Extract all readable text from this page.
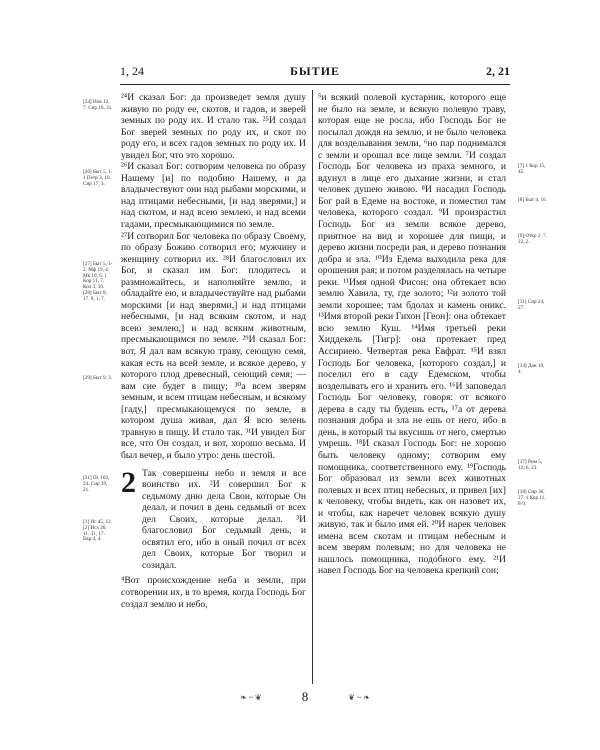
1, 24	БЫТИЕ	2, 21
[24] Иов 12, 7. Сир 16, 31.
[26] Быт 5, 1. 1 Петр 3, 10. Сир 17, 3.
[27] Быт 5, 1-2. Мф 19, 4. Мк 10, 6. 1 Кор 11, 7. Кол 3, 10. [28] Быт 8, 17. 9, 1, 7.
[29] Быт 9, 3.
[31] Пс 103, 24. Сир 39, 21.
[1] Ис 45, 12. [2] Исх 20, 11. 31, 17. Евр 4, 4.
[7] 1 Кор 15, 45.
[8] Быт 4, 16.
[9] Откр 2, 7. 22, 2.
[11] Сир 24, 27.
[14] Дан 10, 4.
[17] Рим 5, 12; 6, 23.
[18] Сир 36, 27. 1 Кор 11, 8-9.

²⁴И сказал Бог: да произведет земля душу живую по роду ее, скотов, и гадов, и зверей земных по роду их. И стало так. ²⁵И создал Бог зверей земных по роду их, и скот по роду его, и всех гадов земных по роду их. И увидел Бог, что это хорошо.

²⁶И сказал Бог: сотворим человека по образу Нашему [и] по подобию Нашему, и да владычествуют они над рыбами морскими, и над птицами небесными, [и над зверями,] и над скотом, и над всею землею, и над всеми гадами, пресмыкающимися по земле.

²⁷И сотворил Бог человека по образу Своему, по образу Божию сотворил его; мужчину и женщину сотворил их. ²⁸И благословил их Бог, и сказал им Бог: плодитесь и размножайтесь, и наполняйте землю, и обладайте ею, и владычествуйте над рыбами морскими [и над зверями,] и над птицами небесными, [и над всяким скотом, и над всею землею,] и над всяким животным, пресмыкающимся по земле. ²⁹И сказал Бог: вот, Я дал вам всякую траву, сеющую семя, какая есть на всей земле, и всякое дерево, у которого плод древесный, сеющий семя; — вам сие будет в пищу; ³⁰а всем зверям земным, и всем птицам небесным, и всякому [гаду,] пресмыкающемуся по земле, в котором душа живая, дал Я всю зелень травную в пищу. И стало так. ³¹И увидел Бог все, что Он создал, и вот, хорошо весьма. И был вечер, и было утро: день шестой.

2 Так совершены небо и земля и все воинство их. ²И совершил Бог к седьмому дню дела Свои, которые Он делал, и почил в день седьмый от всех дел Своих, которые делал. ³И благословил Бог седьмый день, и освятил его, ибо в оный почил от всех дел Своих, которые Бог творил и созидал.

⁴Вот происхождение неба и земли, при сотворении их, в то время, когда Господь Бог создал землю и небо,

⁵и всякий полевой кустарник, которого еще не было на земле, и всякую полевую траву, которая еще не росла, ибо Господь Бог не посылал дождя на землю, и не было человека для возделывания земли, ⁶но пар поднимался с земли и орошал все лице земли. ⁷И создал Господь Бог человека из праха земного, и вдунул в лице его дыхание жизни, и стал человек душею живою. ⁸И насадил Господь Бог рай в Едеме на востоке, и поместил там человека, которого создал. ⁹И произрастил Господь Бог из земли всякое дерево, приятное на вид и хорошее для пищи, и дерево жизни посреди рая, и дерево познания добра и зла. ¹⁰Из Едема выходила река для орошения рая; и потом разделялась на четыре реки. ¹¹Имя одной Фисон: она обтекает всю землю Хавила, ту, где золото; ¹²и золото той земли хорошее; там бдолах и камень оникс. ¹³Имя второй реки Гихон [Геон]: она обтекает всю землю Куш. ¹⁴Имя третьей реки Хиддекель [Тигр]: она протекает пред Ассириею. Четвертая река Евфрат. ¹⁵И взял Господь Бог человека, [которого создал,] и поселил его в саду Едемском, чтобы возделывать его и хранить его. ¹⁶И заповедал Господь Бог человеку, говоря: от всякого дерева в саду ты будешь есть, ¹⁷а от дерева познания добра и зла не ешь от него, ибо в день, в который ты вкусишь от него, смертью умрешь. ¹⁸И сказал Господь Бог: не хорошо быть человеку одному; сотворим ему помощника, соответственного ему. ¹⁹Господь Бог образовал из земли всех животных полевых и всех птиц небесных, и привел [их] к человеку, чтобы видеть, как он назовет их, и чтобы, как наречет человек всякую душу живую, так и было имя ей. ²⁰И нарек человек имена всем скотам и птицам небесным и всем зверям полевым; но для человека не нашлось помощника, подобного ему. ²¹И навел Господь Бог на человека крепкий сон;

❧ ~ ❦	8	❦ ~ ❧
